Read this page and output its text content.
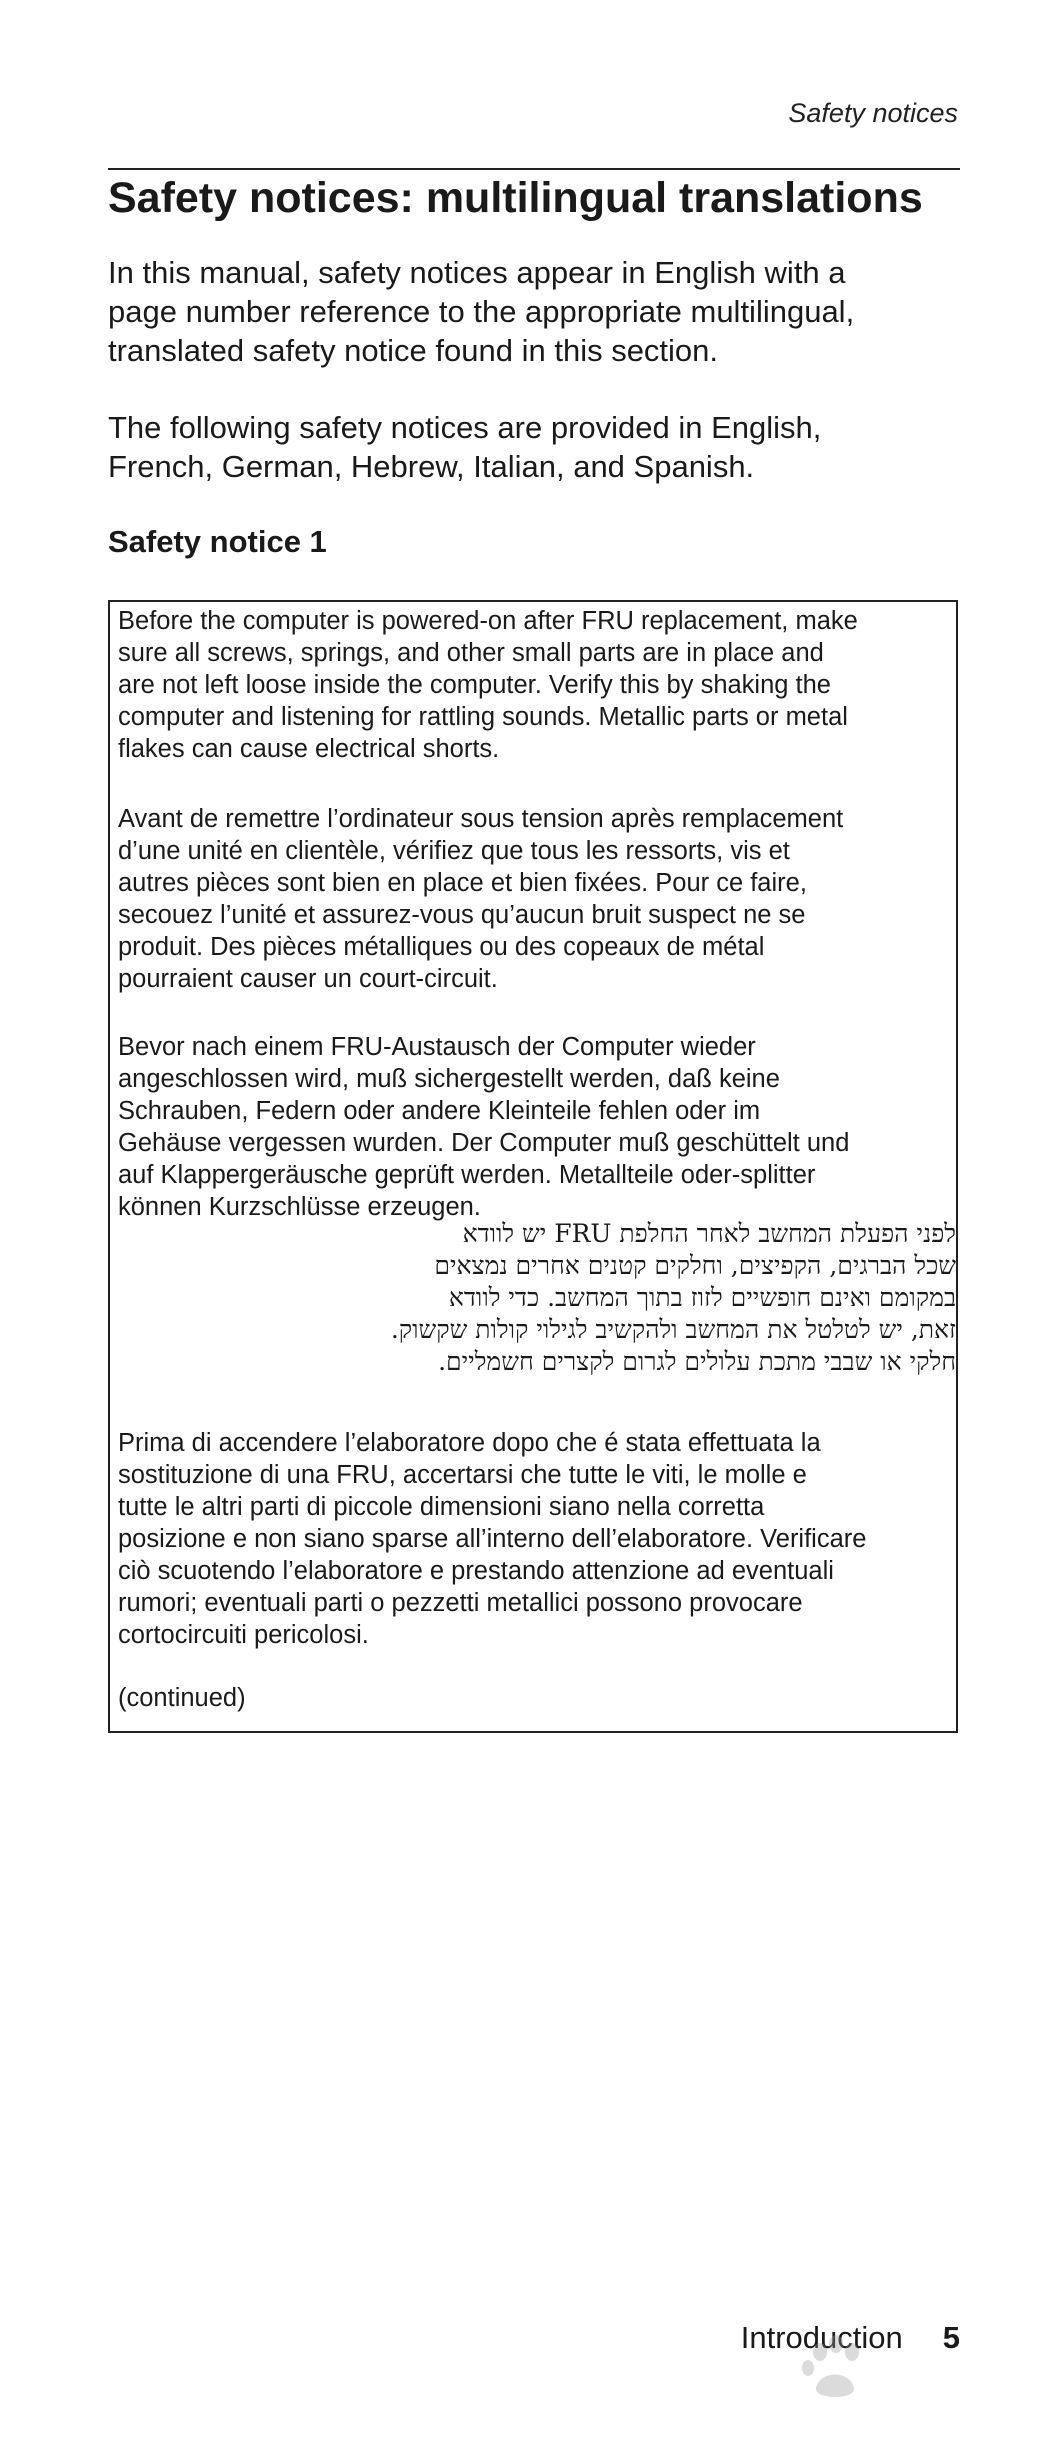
Safety notices
Safety notices: multilingual translations

In this manual, safety notices appear in English with a
page number reference to the appropriate multilingual,
translated safety notice found in this section.

The following safety notices are provided in English,
French, German, Hebrew, Italian, and Spanish.

Safety notice 1
Before the computer is powered-on after FRU replacement, make
sure all screws, springs, and other small parts are in place and
are not left loose inside the computer. Verify this by shaking the
computer and listening for rattling sounds. Metallic parts or metal
flakes can cause electrical shorts.
Avant de remettre l’ordinateur sous tension après remplacement
d’une unité en clientèle, vérifiez que tous les ressorts, vis et
autres pièces sont bien en place et bien fixées. Pour ce faire,
secouez l’unité et assurez-vous qu’aucun bruit suspect ne se
produit. Des pièces métalliques ou des copeaux de métal
pourraient causer un court-circuit.
Bevor nach einem FRU-Austausch der Computer wieder
angeschlossen wird, muß sichergestellt werden, daß keine
Schrauben, Federn oder andere Kleinteile fehlen oder im
Gehäuse vergessen wurden. Der Computer muß geschüttelt und
auf Klappergeräusche geprüft werden. Metallteile oder-splitter
können Kurzschlüsse erzeugen.
לפני הפעלת המחשב לאחר החלפת FRU יש לוודא
שכל הברגים, הקפיצים, וחלקים קטנים אחרים נמצאים
במקומם ואינם חופשיים לזוז בתוך המחשב. כדי לוודא
זאת, יש לטלטל את המחשב ולהקשיב לגילוי קולות שקשוק.
חלקי או שבבי מתכת עלולים לגרום לקצרים חשמליים.
Prima di accendere l’elaboratore dopo che é stata effettuata la
sostituzione di una FRU, accertarsi che tutte le viti, le molle e
tutte le altri parti di piccole dimensioni siano nella corretta
posizione e non siano sparse all’interno dell’elaboratore. Verificare
ciò scuotendo l’elaboratore e prestando attenzione ad eventuali
rumori; eventuali parti o pezzetti metallici possono provocare
cortocircuiti pericolosi.
(continued)
Introduction 5
